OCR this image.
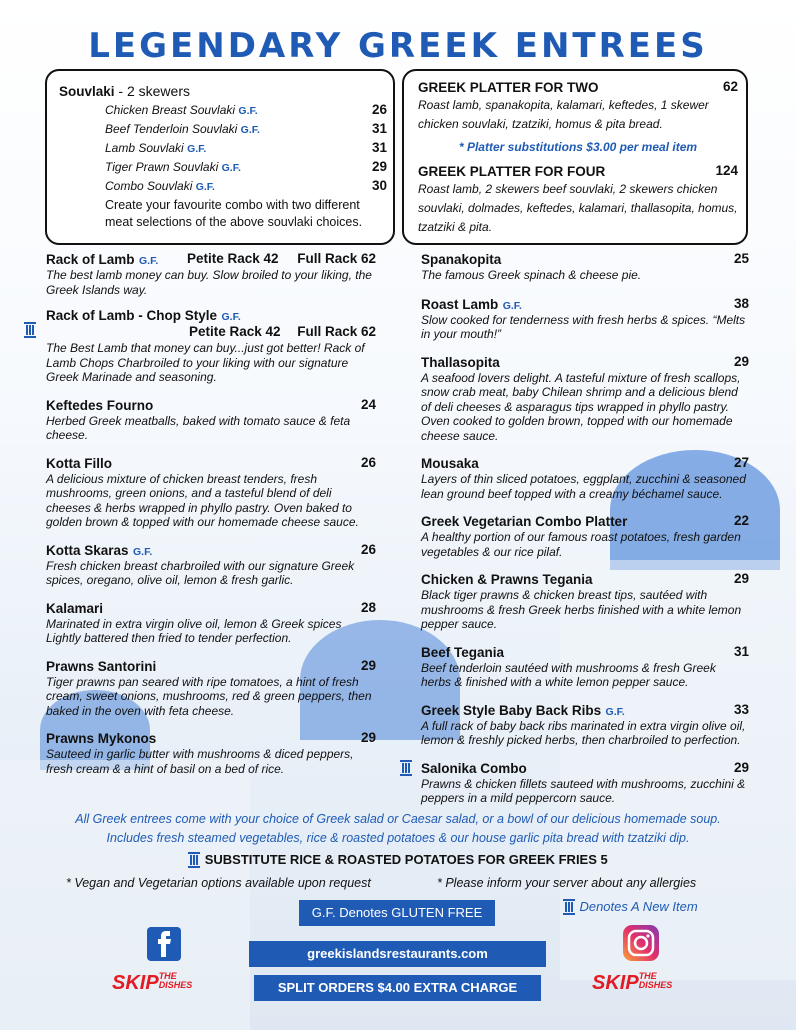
LEGENDARY GREEK ENTREES
Souvlaki - 2 skewers
Chicken Breast Souvlaki G.F.	26
Beef Tenderloin Souvlaki G.F.	31
Lamb Souvlaki G.F.	31
Tiger Prawn Souvlaki G.F.	29
Combo Souvlaki G.F.	30
Create your favourite combo with two different meat selections of the above souvlaki choices.
GREEK PLATTER FOR TWO	62
Roast lamb, spanakopita, kalamari, keftedes, 1 skewer chicken souvlaki, tzatziki, homus & pita bread.
* Platter substitutions $3.00 per meal item
GREEK PLATTER FOR FOUR	124
Roast lamb, 2 skewers beef souvlaki, 2 skewers chicken souvlaki, dolmades, keftedes, kalamari, thallasopita, homus, tzatziki & pita.
Rack of Lamb G.F. Petite Rack 42 Full Rack 62
The best lamb money can buy. Slow broiled to your liking, the Greek Islands way.
Rack of Lamb - Chop Style G.F.
Petite Rack 42 Full Rack 62
The Best Lamb that money can buy...just got better! Rack of Lamb Chops Charbroiled to your liking with our signature Greek Marinade and seasoning.
Keftedes Fourno	24
Herbed Greek meatballs, baked with tomato sauce & feta cheese.
Kotta Fillo	26
A delicious mixture of chicken breast tenders, fresh mushrooms, green onions, and a tasteful blend of deli cheeses & herbs wrapped in phyllo pastry. Oven baked to golden brown & topped with our homemade cheese sauce.
Kotta Skaras G.F.	26
Fresh chicken breast charbroiled with our signature Greek spices, oregano, olive oil, lemon & fresh garlic.
Kalamari	28
Marinated in extra virgin olive oil, lemon & Greek spices Lightly battered then fried to tender perfection.
Prawns Santorini	29
Tiger prawns pan seared with ripe tomatoes, a hint of fresh cream, sweet onions, mushrooms, red & green peppers, then baked in the oven with feta cheese.
Prawns Mykonos	29
Sauteed in garlic butter with mushrooms & diced peppers, fresh cream & a hint of basil on a bed of rice.
Spanakopita	25
The famous Greek spinach & cheese pie.
Roast Lamb G.F.	38
Slow cooked for tenderness with fresh herbs & spices. “Melts in your mouth!”
Thallasopita	29
A seafood lovers delight. A tasteful mixture of fresh scallops, snow crab meat, baby Chilean shrimp and a delicious blend of deli cheeses & asparagus tips wrapped in phyllo pastry. Oven cooked to golden brown, topped with our homemade cheese sauce.
Mousaka	27
Layers of thin sliced potatoes, eggplant, zucchini & seasoned lean ground beef topped with a creamy béchamel sauce.
Greek Vegetarian Combo Platter	22
A healthy portion of our famous roast potatoes, fresh garden vegetables & our rice pilaf.
Chicken & Prawns Tegania	29
Black tiger prawns & chicken breast tips, sautéed with mushrooms & fresh Greek herbs finished with a white lemon pepper sauce.
Beef Tegania	31
Beef tenderloin sautéed with mushrooms & fresh Greek herbs & finished with a white lemon pepper sauce.
Greek Style Baby Back Ribs G.F.	33
A full rack of baby back ribs marinated in extra virgin olive oil, lemon & freshly picked herbs, then charbroiled to perfection.
Salonika Combo	29
Prawns & chicken fillets sauteed with mushrooms, zucchini & peppers in a mild peppercorn sauce.
All Greek entrees come with your choice of Greek salad or Caesar salad, or a bowl of our delicious homemade soup.
Includes fresh steamed vegetables, rice & roasted potatoes & our house garlic pita bread with tzatziki dip.
SUBSTITUTE RICE & ROASTED POTATOES FOR GREEK FRIES 5
* Vegan and Vegetarian options available upon request	* Please inform your server about any allergies
G.F. Denotes GLUTEN FREE	Denotes A New Item
greekislandsrestaurants.com
SPLIT ORDERS $4.00 EXTRA CHARGE
SKIPTHE
DISHES	SKIPTHE
DISHES
